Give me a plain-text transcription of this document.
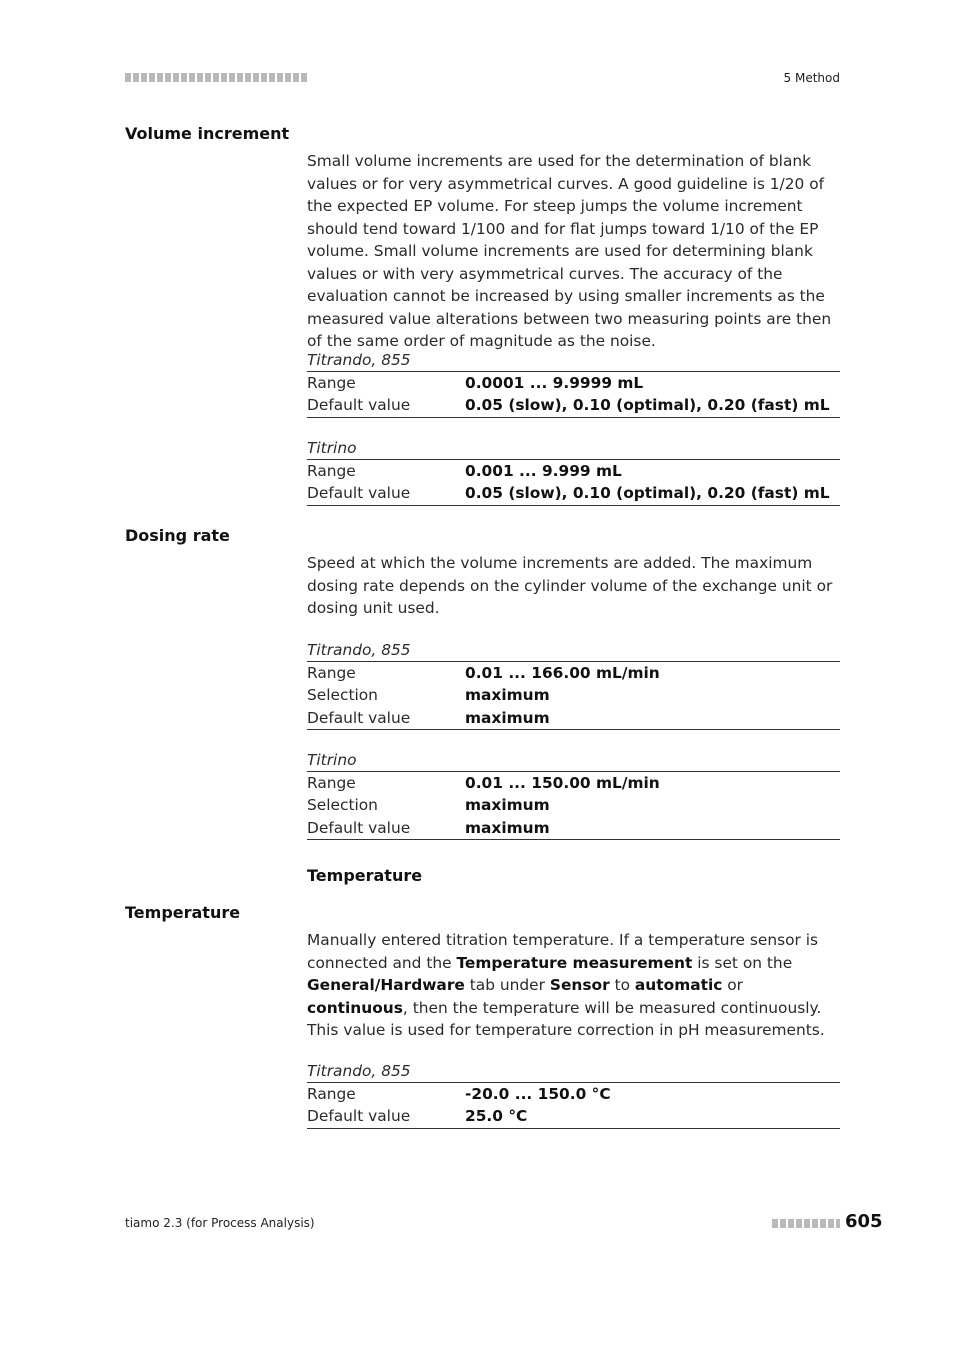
5 Method
Volume increment
Small volume increments are used for the determination of blank values or for very asymmetrical curves. A good guideline is 1/20 of the expected EP volume. For steep jumps the volume increment should tend toward 1/100 and for flat jumps toward 1/10 of the EP volume. Small volume increments are used for determining blank values or with very asymmetrical curves. The accuracy of the evaluation cannot be increased by using smaller increments as the measured value alterations between two measuring points are then of the same order of magnitude as the noise.
Titrando, 855
Range	0.0001 ... 9.9999 mL
Default value	0.05 (slow), 0.10 (optimal), 0.20 (fast) mL
Titrino
Range	0.001 ... 9.999 mL
Default value	0.05 (slow), 0.10 (optimal), 0.20 (fast) mL
Dosing rate
Speed at which the volume increments are added. The maximum dosing rate depends on the cylinder volume of the exchange unit or dosing unit used.
Titrando, 855
Range	0.01 ... 166.00 mL/min
Selection	maximum
Default value	maximum
Titrino
Range	0.01 ... 150.00 mL/min
Selection	maximum
Default value	maximum
Temperature
Temperature
Manually entered titration temperature. If a temperature sensor is connected and the Temperature measurement is set on the General/Hardware tab under Sensor to automatic or continuous, then the temperature will be measured continuously. This value is used for temperature correction in pH measurements.
Titrando, 855
Range	-20.0 ... 150.0 °C
Default value	25.0 °C
tiamo 2.3 (for Process Analysis)	605
